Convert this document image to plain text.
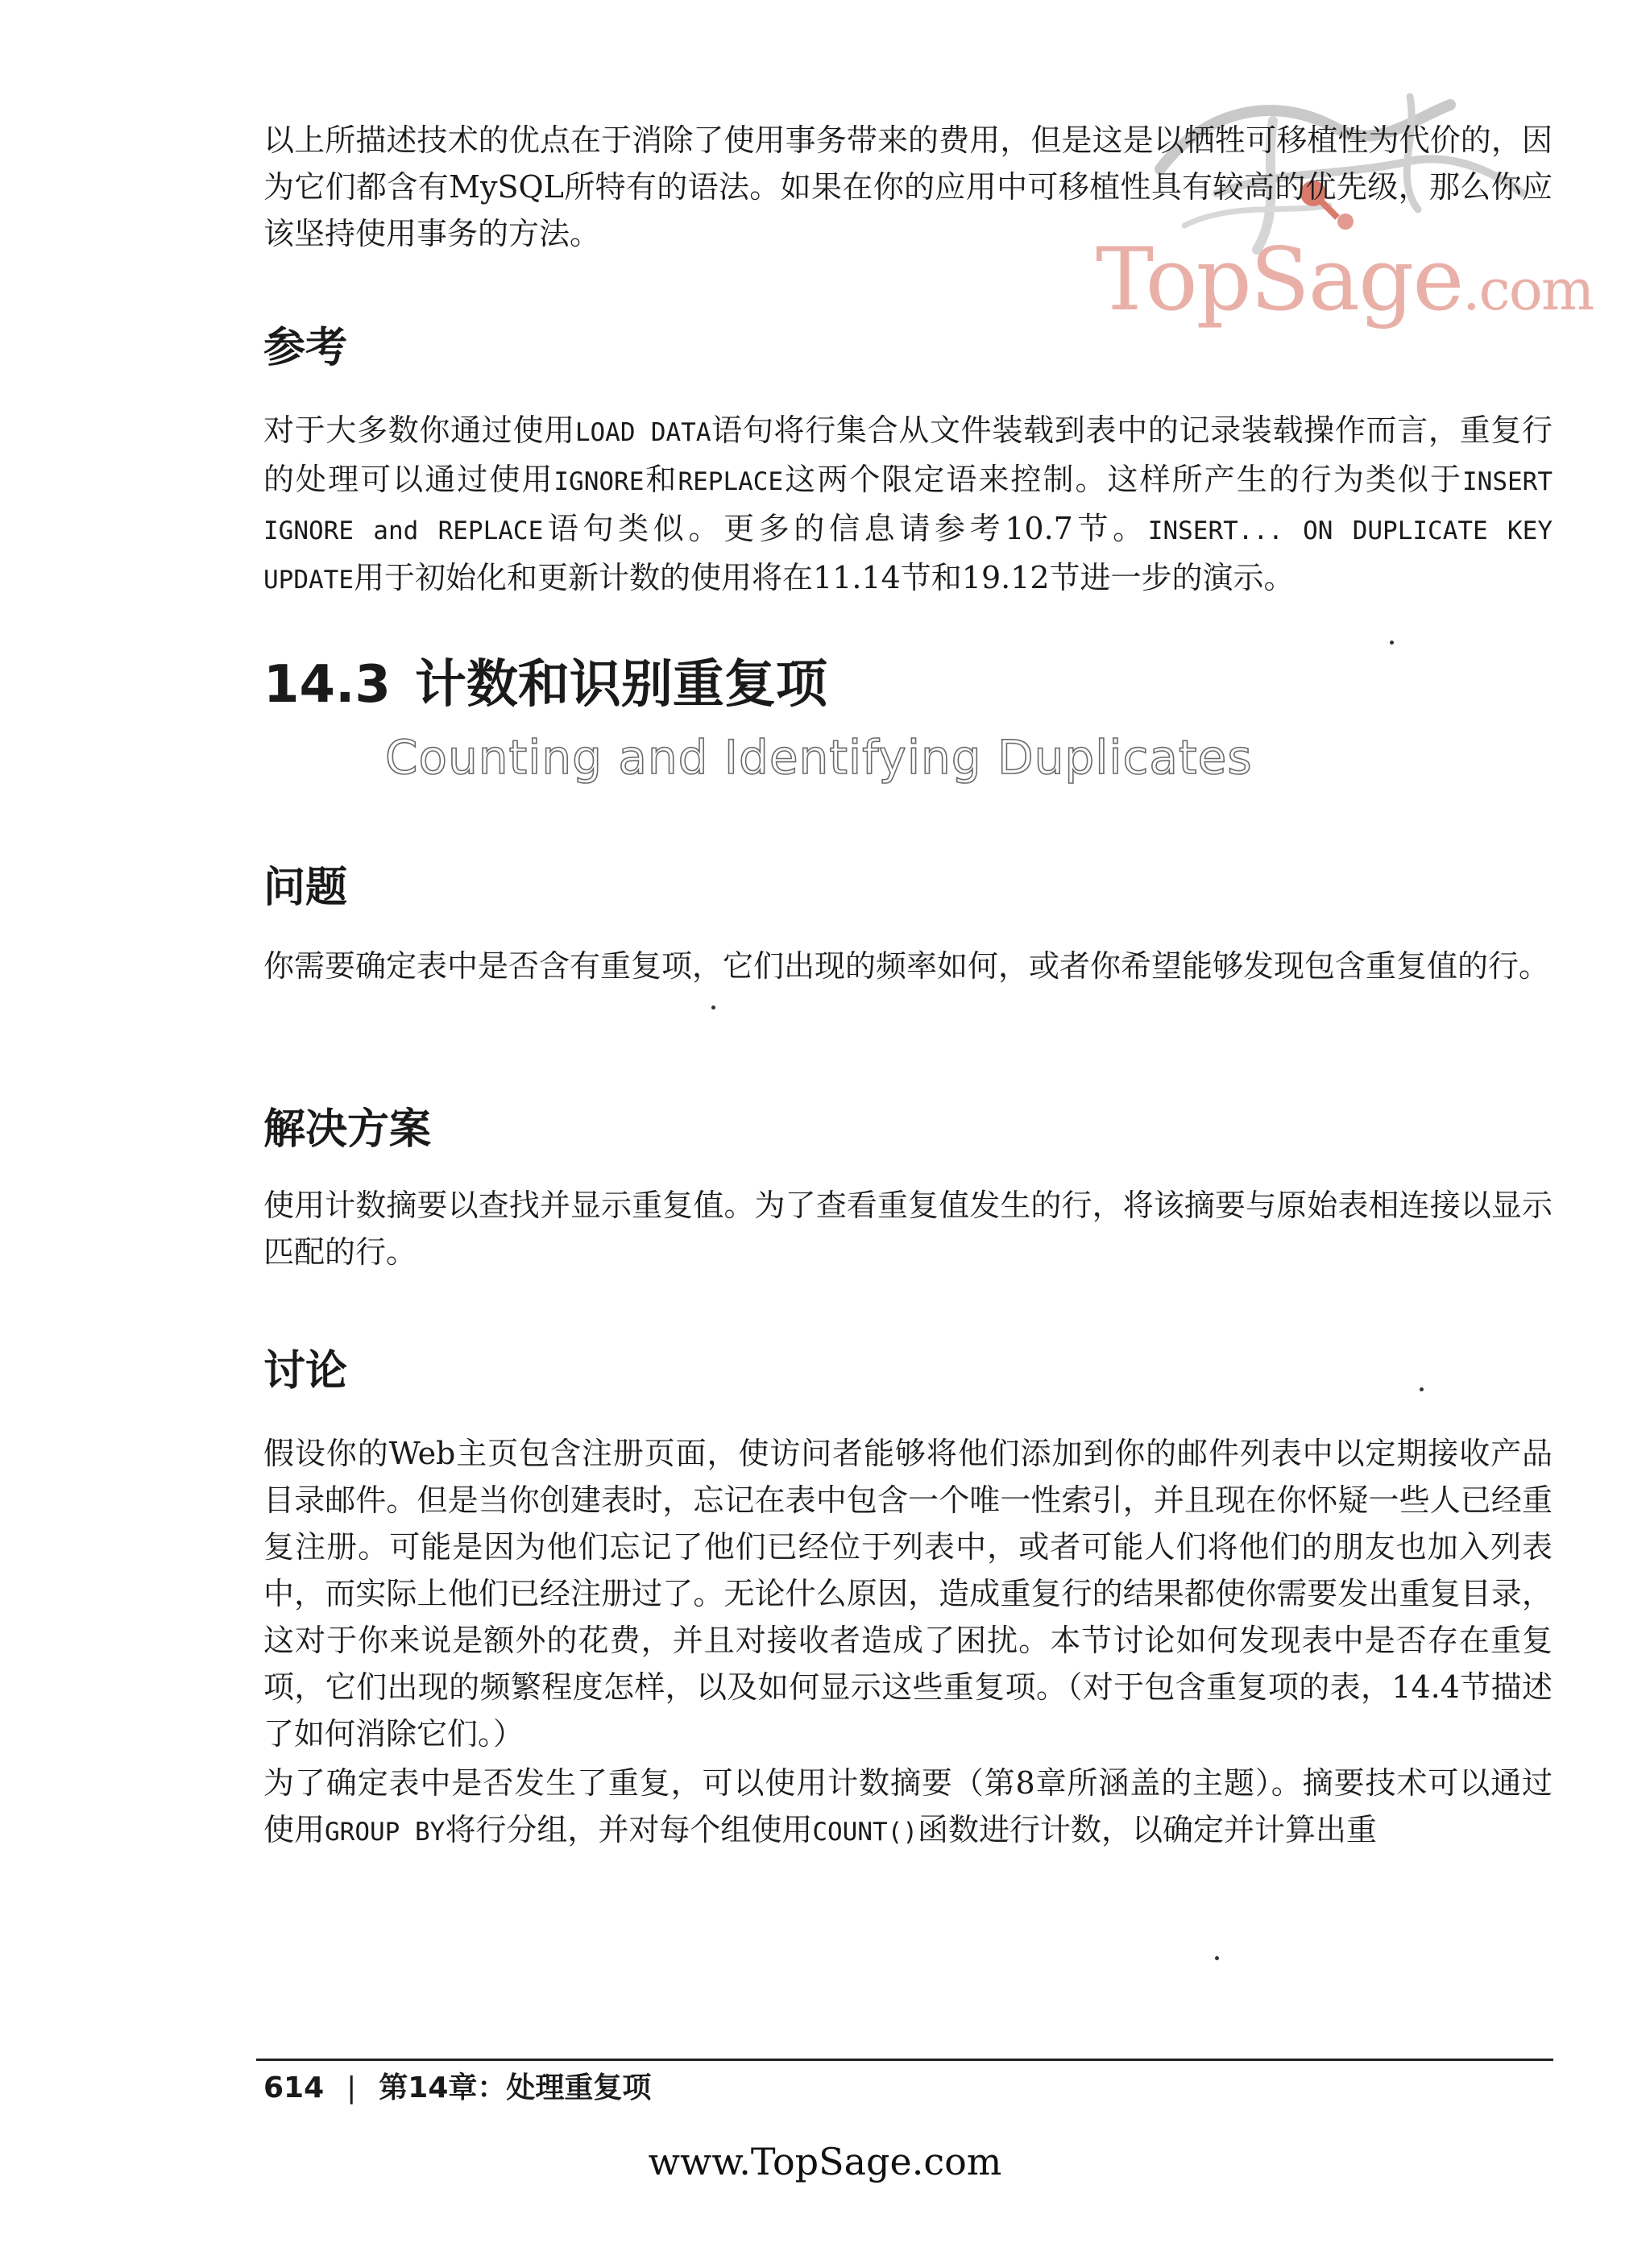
TopSage.com

以上所描述技术的优点在于消除了使用事务带来的费用，但是这是以牺牲可移植性为代价的，因为它们都含有MySQL所特有的语法。如果在你的应用中可移植性具有较高的优先级，那么你应该坚持使用事务的方法。

参考

对于大多数你通过使用LOAD DATA语句将行集合从文件装载到表中的记录装载操作而言，重复行的处理可以通过使用IGNORE和REPLACE这两个限定语来控制。这样所产生的行为类似于INSERT IGNORE and REPLACE语句类似。更多的信息请参考10.7节。INSERT... ON DUPLICATE KEY UPDATE用于初始化和更新计数的使用将在11.14节和19.12节进一步的演示。

14.3 计数和识别重复项
Counting and Identifying Duplicates
问题

你需要确定表中是否含有重复项，它们出现的频率如何，或者你希望能够发现包含重复值的行。

解决方案

使用计数摘要以查找并显示重复值。为了查看重复值发生的行，将该摘要与原始表相连接以显示匹配的行。

讨论

假设你的Web主页包含注册页面，使访问者能够将他们添加到你的邮件列表中以定期接收产品目录邮件。但是当你创建表时，忘记在表中包含一个唯一性索引，并且现在你怀疑一些人已经重复注册。可能是因为他们忘记了他们已经位于列表中，或者可能人们将他们的朋友也加入列表中，而实际上他们已经注册过了。无论什么原因，造成重复行的结果都使你需要发出重复目录，这对于你来说是额外的花费，并且对接收者造成了困扰。本节讨论如何发现表中是否存在重复项，它们出现的频繁程度怎样，以及如何显示这些重复项。（对于包含重复项的表，14.4节描述了如何消除它们。）

为了确定表中是否发生了重复，可以使用计数摘要（第8章所涵盖的主题）。摘要技术可以通过使用GROUP BY将行分组，并对每个组使用COUNT()函数进行计数，以确定并计算出重

614 | 第14章：处理重复项

www.TopSage.com
